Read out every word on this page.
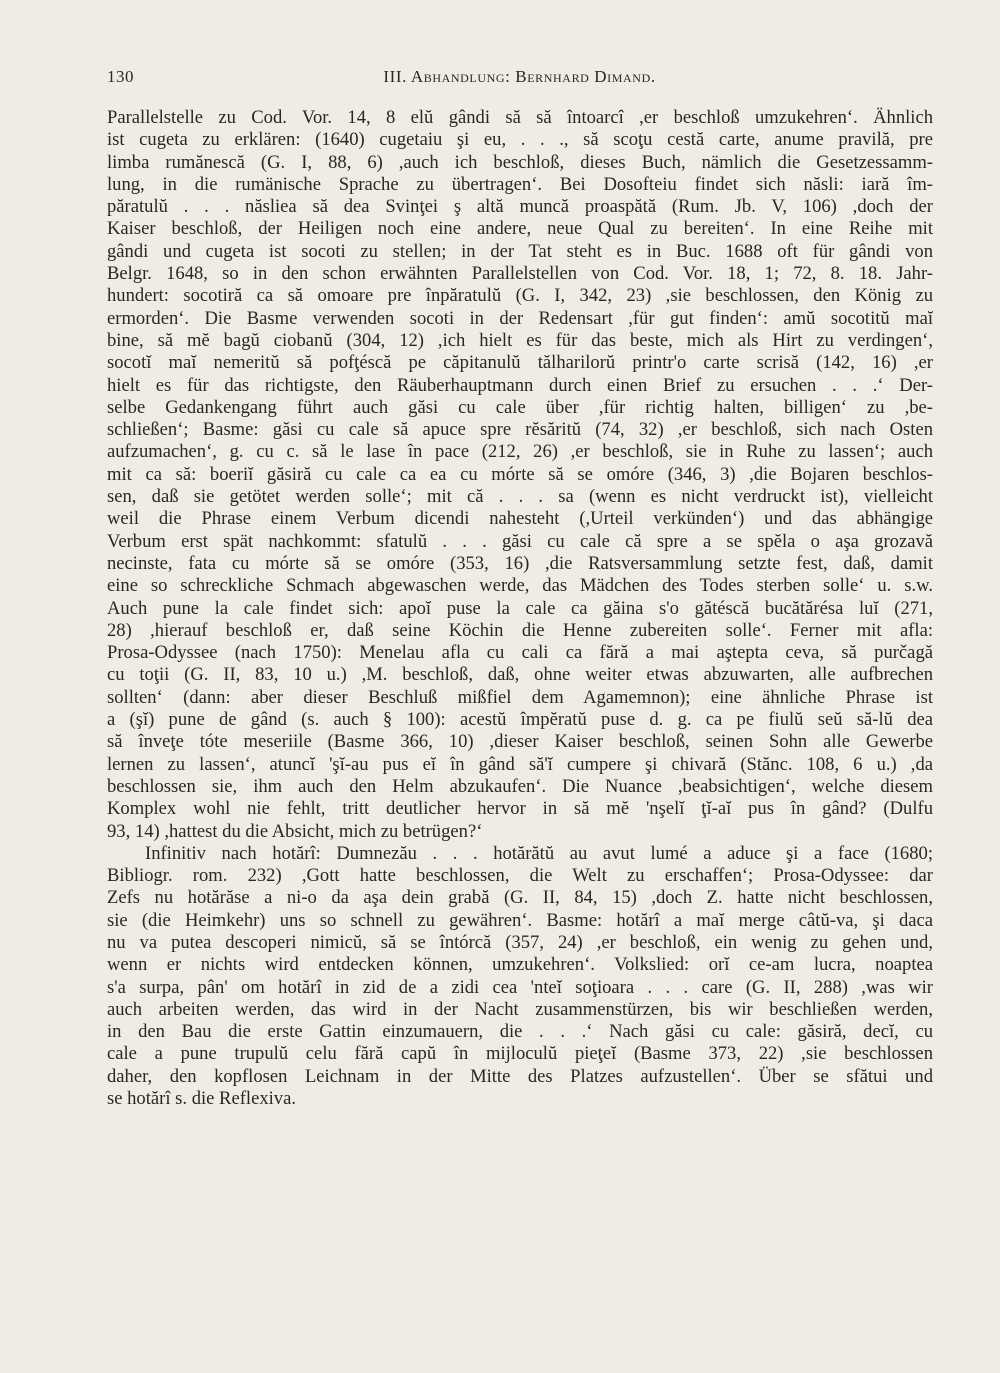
130	III. Abhandlung: Bernhard Dimand.
Parallelstelle zu Cod. Vor. 14, 8 elŭ gândi să să întoarcî ,er beschloß umzukehren‘. Ähnlich
ist cugeta zu erklären: (1640) cugetaiu şi eu, . . ., să scoţu cestă carte, anume pravilă, pre
limba rumănescă (G. I, 88, 6) ,auch ich beschloß, dieses Buch, nämlich die Gesetzessamm-
lung, in die rumänische Sprache zu übertragen‘. Bei Dosofteiu findet sich năsli: iară îm-
păratulŭ . . . năsliea să dea Svinţei ş altă muncă proaspătă (Rum. Jb. V, 106) ,doch der
Kaiser beschloß, der Heiligen noch eine andere, neue Qual zu bereiten‘. In eine Reihe mit
gândi und cugeta ist socoti zu stellen; in der Tat steht es in Buc. 1688 oft für gândi von
Belgr. 1648, so in den schon erwähnten Parallelstellen von Cod. Vor. 18, 1; 72, 8. 18. Jahr-
hundert: socotiră ca să omoare pre înpăratulŭ (G. I, 342, 23) ,sie beschlossen, den König zu
ermorden‘. Die Basme verwenden socoti in der Redensart ,für gut finden‘: amŭ socotitŭ maĭ
bine, să mĕ bagŭ ciobanŭ (304, 12) ,ich hielt es für das beste, mich als Hirt zu verdingen‘,
socotĭ maĭ nemeritŭ să pofţéscă pe căpitanulŭ tălharilorŭ printr'o carte scrisă (142, 16) ,er
hielt es für das richtigste, den Räuberhauptmann durch einen Brief zu ersuchen . . .‘ Der-
selbe Gedankengang führt auch găsi cu cale über ,für richtig halten, billigen‘ zu ,be-
schließen‘; Basme: găsi cu cale să apuce spre rĕsăritŭ (74, 32) ,er beschloß, sich nach Osten
aufzumachen‘, g. cu c. să le lase în pace (212, 26) ,er beschloß, sie in Ruhe zu lassen‘; auch
mit ca să: boeriĭ găsiră cu cale ca ea cu mórte să se omóre (346, 3) ,die Bojaren beschlos-
sen, daß sie getötet werden solle‘; mit că . . . sa (wenn es nicht verdruckt ist), vielleicht
weil die Phrase einem Verbum dicendi nahesteht (,Urteil verkünden‘) und das abhängige
Verbum erst spät nachkommt: sfatulŭ . . . găsi cu cale că spre a se spĕla o aşa grozavă
necinste, fata cu mórte să se omóre (353, 16) ,die Ratsversammlung setzte fest, daß, damit
eine so schreckliche Schmach abgewaschen werde, das Mädchen des Todes sterben solle‘ u. s.w.
Auch pune la cale findet sich: apoĭ puse la cale ca găina s'o gătéscă bucătărésa luĭ (271,
28) ,hierauf beschloß er, daß seine Köchin die Henne zubereiten solle‘. Ferner mit afla:
Prosa-Odyssee (nach 1750): Menelau afla cu cali ca fără a mai aştepta ceva, să purčagă
cu toţii (G. II, 83, 10 u.) ,M. beschloß, daß, ohne weiter etwas abzuwarten, alle aufbrechen
sollten‘ (dann: aber dieser Beschluß mißfiel dem Agamemnon); eine ähnliche Phrase ist
a (şĭ) pune de gând (s. auch § 100): acestŭ împĕratŭ puse d. g. ca pe fiulŭ seŭ să-lŭ dea
să înveţe tóte meseriile (Basme 366, 10) ,dieser Kaiser beschloß, seinen Sohn alle Gewerbe
lernen zu lassen‘, atuncĭ 'şĭ-au pus eĭ în gând să'ĭ cumpere şi chivară (Stănc. 108, 6 u.) ,da
beschlossen sie, ihm auch den Helm abzukaufen‘. Die Nuance ,beabsichtigen‘, welche diesem
Komplex wohl nie fehlt, tritt deutlicher hervor in să mĕ 'nşelĭ ţĭ-aĭ pus în gând? (Dulfu
93, 14) ,hattest du die Absicht, mich zu betrügen?‘
Infinitiv nach hotărî: Dumnezău . . . hotărătŭ au avut lumé a aduce şi a face (1680;
Bibliogr. rom. 232) ,Gott hatte beschlossen, die Welt zu erschaffen‘; Prosa-Odyssee: dar
Zefs nu hotărăse a ni-o da aşa dein grabă (G. II, 84, 15) ,doch Z. hatte nicht beschlossen,
sie (die Heimkehr) uns so schnell zu gewähren‘. Basme: hotărî a maĭ merge câtŭ-va, şi daca
nu va putea descoperi nimicŭ, să se întórcă (357, 24) ,er beschloß, ein wenig zu gehen und,
wenn er nichts wird entdecken können, umzukehren‘. Volkslied: orĭ ce-am lucra, noaptea
s'a surpa, pân' om hotărî in zid de a zidi cea 'nteĭ soţioara . . . care (G. II, 288) ,was wir
auch arbeiten werden, das wird in der Nacht zusammenstürzen, bis wir beschließen werden,
in den Bau die erste Gattin einzumauern, die . . .‘ Nach găsi cu cale: găsiră, decĭ, cu
cale a pune trupulŭ celu fără capŭ în mijloculŭ pieţeĭ (Basme 373, 22) ,sie beschlossen
daher, den kopflosen Leichnam in der Mitte des Platzes aufzustellen‘. Über se sfătui und
se hotărî s. die Reflexiva.
